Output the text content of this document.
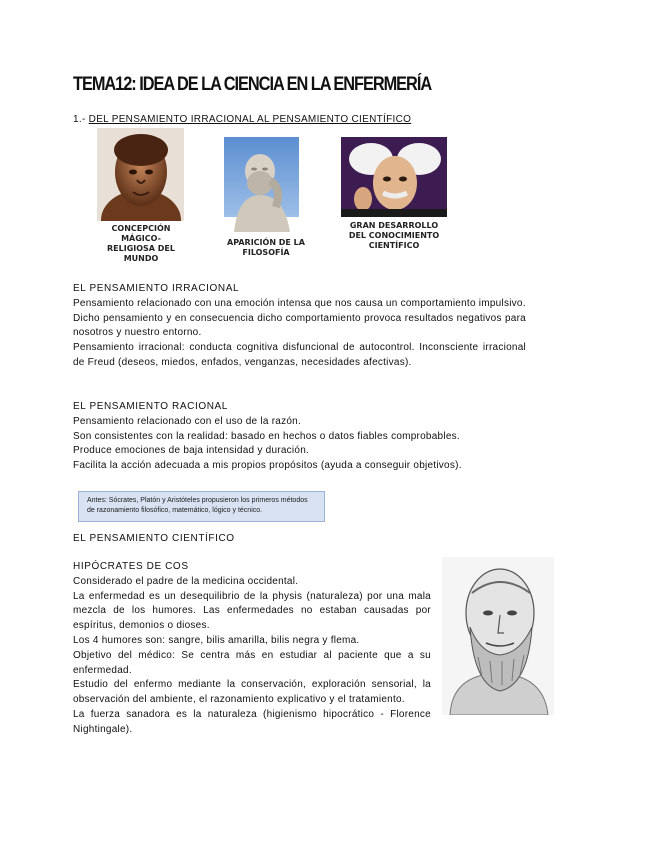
TEMA12: IDEA DE LA CIENCIA EN LA ENFERMERÍA
1.- DEL PENSAMIENTO IRRACIONAL AL PENSAMIENTO CIENTÍFICO
CONCEPCIÓN
MÁGICO-
RELIGIOSA DEL
MUNDO
APARICIÓN DE LA
FILOSOFÍA
GRAN DESARROLLO
DEL CONOCIMIENTO
CIENTÍFICO

EL PENSAMIENTO IRRACIONAL

Pensamiento relacionado con una emoción intensa que nos causa un comportamiento impulsivo.

Dicho pensamiento y en consecuencia dicho comportamiento provoca resultados negativos para nosotros y nuestro entorno.

Pensamiento irracional: conducta cognitiva disfuncional de autocontrol. Inconsciente irracional de Freud (deseos, miedos, enfados, venganzas, necesidades afectivas).

EL PENSAMIENTO RACIONAL

Pensamiento relacionado con el uso de la razón.

Son consistentes con la realidad: basado en hechos o datos fiables comprobables.

Produce emociones de baja intensidad y duración.

Facilita la acción adecuada a mis propios propósitos (ayuda a conseguir objetivos).

Antes: Sócrates, Platón y Aristóteles propusieron los primeros métodos de razonamiento filosófico, matemático, lógico y técnico.

EL PENSAMIENTO CIENTÍFICO

HIPÓCRATES DE COS

Considerado el padre de la medicina occidental.

La enfermedad es un desequilibrio de la physis (naturaleza) por una mala mezcla de los humores. Las enfermedades no estaban causadas por espíritus, demonios o dioses.

Los 4 humores son: sangre, bilis amarilla, bilis negra y flema.

Objetivo del médico: Se centra más en estudiar al paciente que a su enfermedad.

Estudio del enfermo mediante la conservación, exploración sensorial, la observación del ambiente, el razonamiento explicativo y el tratamiento.

La fuerza sanadora es la naturaleza (higienismo hipocrático - Florence Nightingale).
